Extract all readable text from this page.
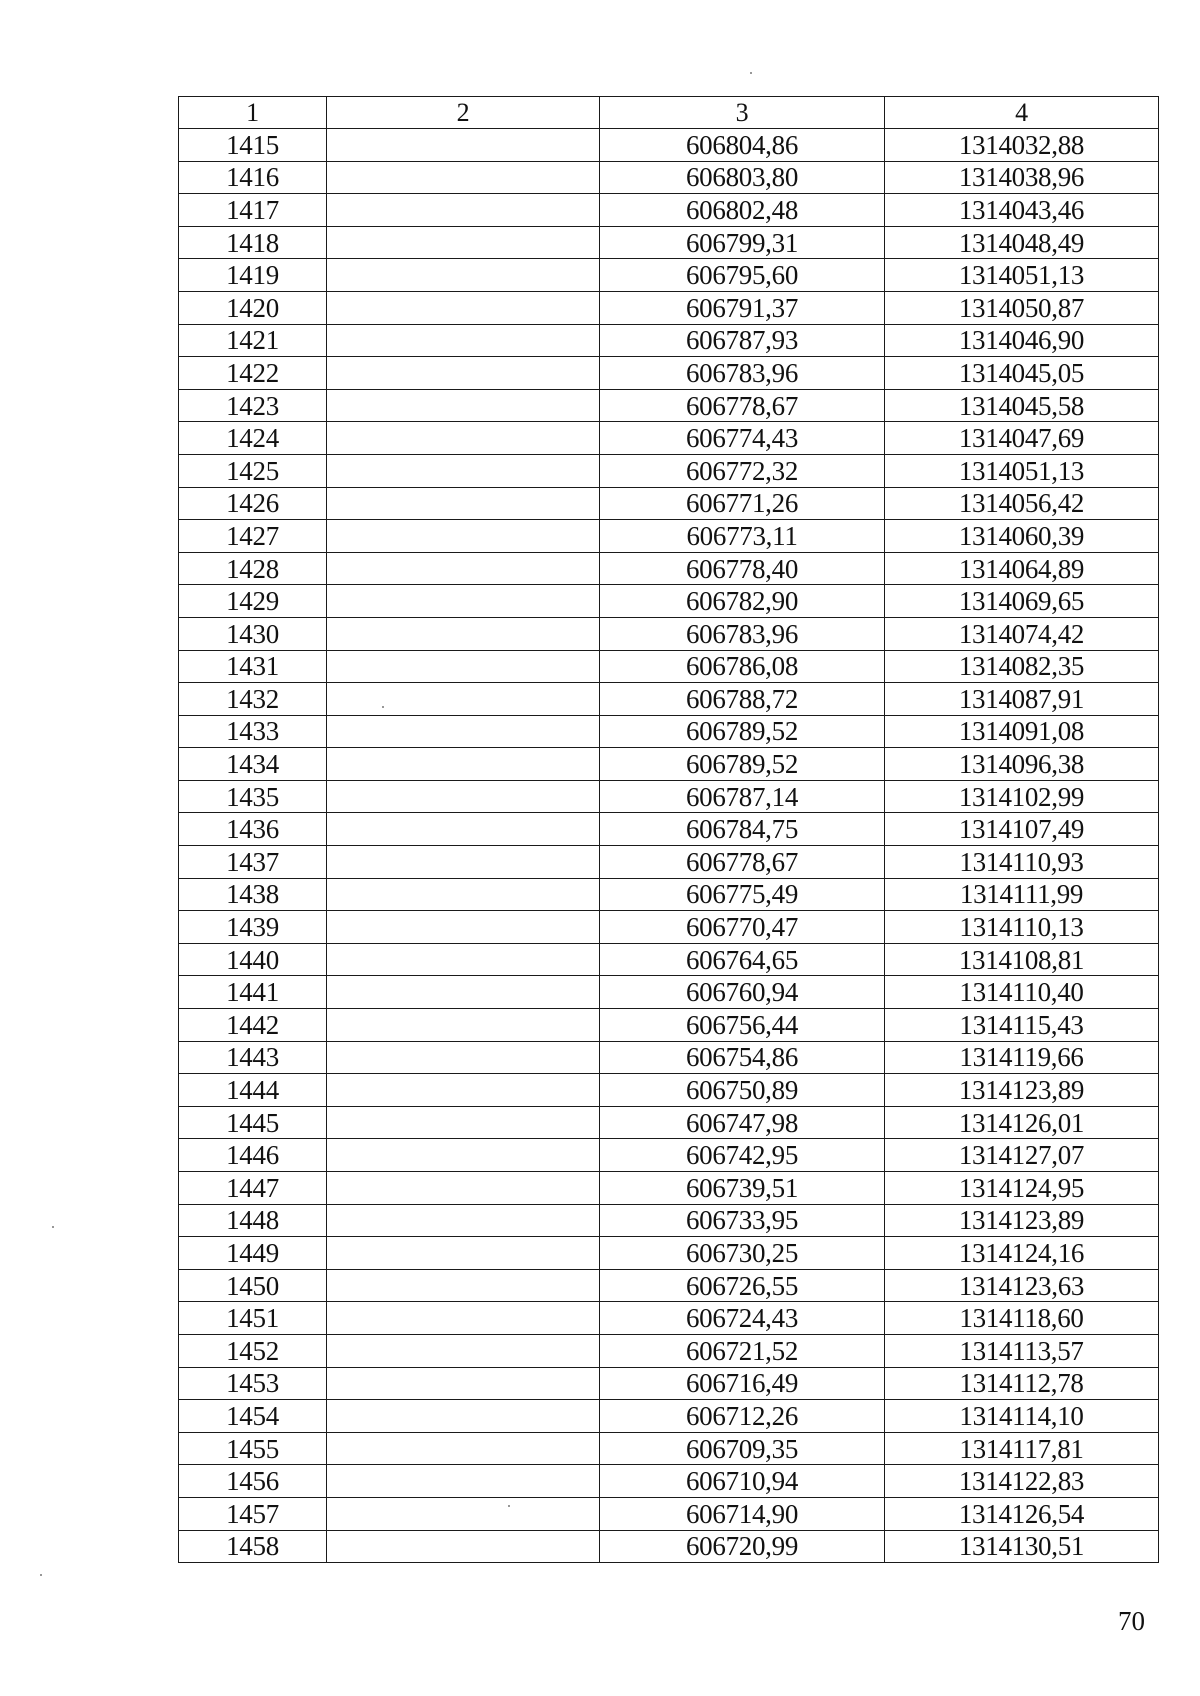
1	2	3	4
1415		606804,86	1314032,88
1416		606803,80	1314038,96
1417		606802,48	1314043,46
1418		606799,31	1314048,49
1419		606795,60	1314051,13
1420		606791,37	1314050,87
1421		606787,93	1314046,90
1422		606783,96	1314045,05
1423		606778,67	1314045,58
1424		606774,43	1314047,69
1425		606772,32	1314051,13
1426		606771,26	1314056,42
1427		606773,11	1314060,39
1428		606778,40	1314064,89
1429		606782,90	1314069,65
1430		606783,96	1314074,42
1431		606786,08	1314082,35
1432		606788,72	1314087,91
1433		606789,52	1314091,08
1434		606789,52	1314096,38
1435		606787,14	1314102,99
1436		606784,75	1314107,49
1437		606778,67	1314110,93
1438		606775,49	1314111,99
1439		606770,47	1314110,13
1440		606764,65	1314108,81
1441		606760,94	1314110,40
1442		606756,44	1314115,43
1443		606754,86	1314119,66
1444		606750,89	1314123,89
1445		606747,98	1314126,01
1446		606742,95	1314127,07
1447		606739,51	1314124,95
1448		606733,95	1314123,89
1449		606730,25	1314124,16
1450		606726,55	1314123,63
1451		606724,43	1314118,60
1452		606721,52	1314113,57
1453		606716,49	1314112,78
1454		606712,26	1314114,10
1455		606709,35	1314117,81
1456		606710,94	1314122,83
1457		606714,90	1314126,54
1458		606720,99	1314130,51
70
